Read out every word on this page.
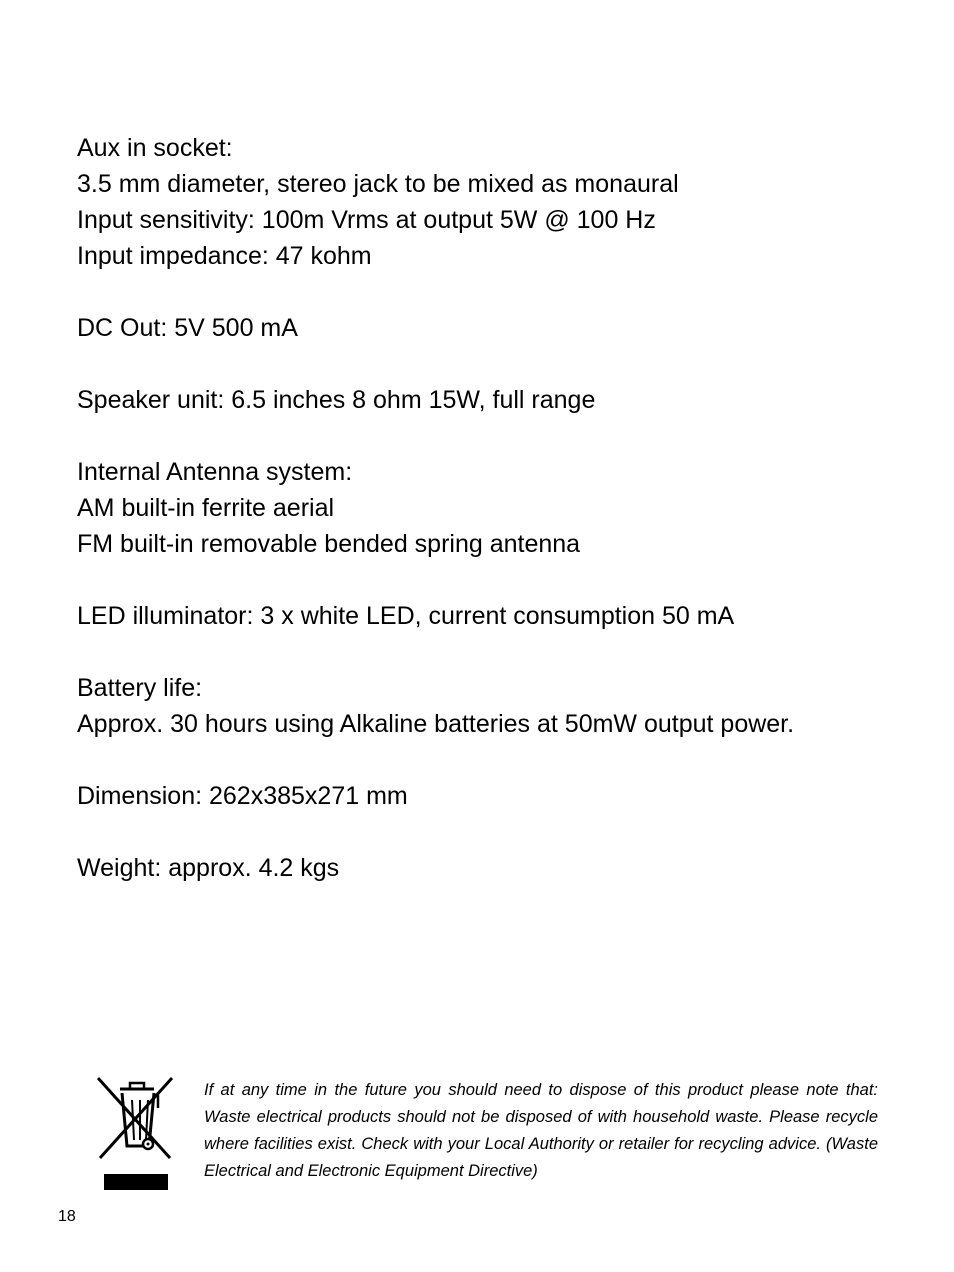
Aux in socket:
3.5 mm diameter, stereo jack to be mixed as monaural
Input sensitivity: 100m Vrms at output 5W @ 100 Hz
Input impedance: 47 kohm
DC Out: 5V 500 mA
Speaker unit: 6.5 inches 8 ohm 15W, full range
Internal Antenna system:
AM built-in ferrite aerial
FM built-in removable bended spring antenna
LED illuminator: 3 x white LED, current consumption 50 mA
Battery life:
Approx. 30 hours using Alkaline batteries at 50mW output power.
Dimension: 262x385x271 mm
Weight: approx. 4.2 kgs
If at any time in the future you should need to dispose of this product please note that: Waste electrical products should not be disposed of with household waste. Please recycle where facilities exist. Check with your Local Authority or retailer for recycling advice. (Waste Electrical and Electronic Equipment Directive)
18
